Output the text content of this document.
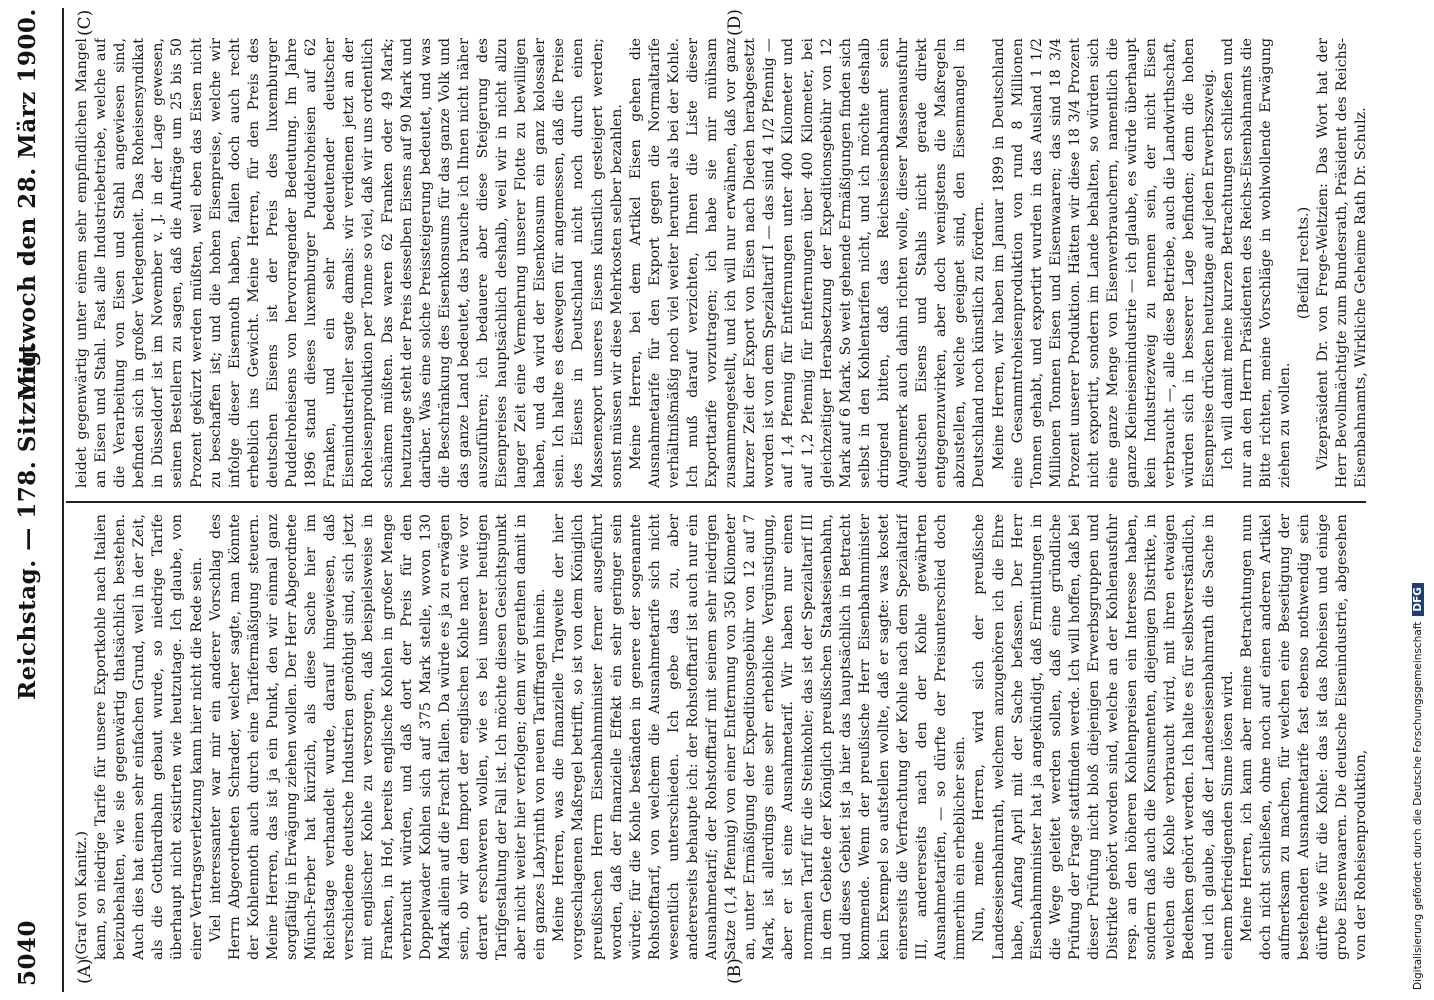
5040
Reichstag. — 178. Sitzung.
Mittwoch den 28. März 1900.
(A)	(B)
(C)	(D)

(Graf von Kanitz.) kann, so niedrige Tarife für unsere Exportkohle nach Italien beizubehalten, wie sie gegenwärtig thatsächlich bestehen. Auch dies hat einen sehr einfachen Grund, weil in der Zeit, als die Gotthardbahn gebaut wurde, so niedrige Tarife überhaupt nicht existirten wie heutzutage. Ich glaube, von einer Vertragsverletzung kann hier nicht die Rede sein. Viel interessanter war mir ein anderer Vorschlag des Herrn Abgeordneten Schrader, welcher sagte, man könnte der Kohlennoth auch durch eine Tarifermäßigung steuern. Meine Herren, das ist ja ein Punkt, den wir einmal ganz sorgfältig in Erwägung ziehen wollen. Der Herr Abgeordnete Münch-Ferber hat kürzlich, als diese Sache hier im Reichstage verhandelt wurde, darauf hingewiesen, daß verschiedene deutsche Industrien genöthigt sind, sich jetzt mit englischer Kohle zu versorgen, daß beispielsweise in Franken, in Hof, bereits englische Kohlen in großer Menge verbraucht würden, und daß dort der Preis für den Doppelwader Kohlen sich auf 375 Mark stelle, wovon 130 Mark allein auf die Fracht fallen. Da würde es ja zu erwägen sein, ob wir den Import der englischen Kohle nach wie vor derart erschweren wollen, wie es bei unserer heutigen Tarifgestaltung der Fall ist. Ich möchte diesen Gesichtspunkt aber nicht weiter hier verfolgen; denn wir gerathen damit in ein ganzes Labyrinth von neuen Tariffragen hinein. Meine Herren, was die finanzielle Tragweite der hier vorgeschlagenen Maßregel betrifft, so ist von dem Königlich preußischen Herrn Eisenbahnminister ferner ausgeführt worden, daß der finanzielle Effekt ein sehr geringer sein würde; für die Kohle beständen in genere der sogenannte Rohstofftarif, von welchem die Ausnahmetarife sich nicht wesentlich unterschieden. Ich gebe das zu, aber andererseits behaupte ich: der Rohstofftarif ist auch nur ein Ausnahmetarif; der Rohstofftarif mit seinem sehr niedrigen Satze (1,4 Pfennig) von einer Entfernung von 350 Kilometer an, unter Ermäßigung der Expeditionsgebühr von 12 auf 7 Mark, ist allerdings eine sehr erhebliche Vergünstigung, aber er ist eine Ausnahmetarif. Wir haben nur einen normalen Tarif für die Steinkohle; das ist der Spezialtarif III in dem Gebiete der Königlich preußischen Staatseisenbahn, und dieses Gebiet ist ja hier das hauptsächlich in Betracht kommende. Wenn der preußische Herr Eisenbahnminister kein Exempel so aufstellen wollte, daß er sagte: was kostet einerseits die Verfrachtung der Kohle nach dem Spezialtarif III, andererseits nach den der Kohle gewährten Ausnahmetarifen, — so dürfte der Preisunterschied doch immerhin ein erheblicher sein. Nun, meine Herren, wird sich der preußische Landeseisenbahnrath, welchem anzugehören ich die Ehre habe, Anfang April mit der Sache befassen. Der Herr Eisenbahnminister hat ja angekündigt, daß Ermittlungen in die Wege geleitet werden sollen, daß eine gründliche Prüfung der Frage stattfinden werde. Ich will hoffen, daß bei dieser Prüfung nicht bloß diejenigen Erwerbsgruppen und Distrikte gehört worden sind, welche an der Kohlenausfuhr resp. an den höheren Kohlenpreisen ein Interesse haben, sondern daß auch die Konsumenten, diejenigen Distrikte, in welchen die Kohle verbraucht wird, mit ihren etwaigen Bedenken gehört werden. Ich halte es für selbstverständlich, und ich glaube, daß der Landeseisenbahnrath die Sache in einem befriedigenden Sinne lösen wird. Meine Herren, ich kann aber meine Betrachtungen nun doch nicht schließen, ohne noch auf einen anderen Artikel aufmerksam zu machen, für welchen eine Beseitigung der bestehenden Ausnahmetarife fast ebenso nothwendig sein dürfte wie für die Kohle: das ist das Roheisen und einige grobe Eisenwaaren. Die deutsche Eisenindustrie, abgesehen von der Roheisenproduktion,

leidet gegenwärtig unter einem sehr empfindlichen Mangel an Eisen und Stahl. Fast alle Industriebetriebe, welche auf die Verarbeitung von Eisen und Stahl angewiesen sind, befinden sich in großer Verlegenheit. Das Roheisensyndikat in Düsseldorf ist im November v. J. in der Lage gewesen, seinen Bestellern zu sagen, daß die Aufträge um 25 bis 50 Prozent gekürzt werden müßten, weil eben das Eisen nicht zu beschaffen ist; und die hohen Eisenpreise, welche wir infolge dieser Eisennoth haben, fallen doch auch recht erheblich ins Gewicht. Meine Herren, für den Preis des deutschen Eisens ist der Preis des luxemburger Puddelroheisens von hervorragender Bedeutung. Im Jahre 1896 stand dieses luxemburger Puddelroheisen auf 62 Franken, und ein sehr bedeutender deutscher Eisenindustrieller sagte damals: wir verdienen jetzt an der Roheisenproduktion per Tonne so viel, daß wir uns ordentlich schämen müßten. Das waren 62 Franken oder 49 Mark; heutzutage steht der Preis desselben Eisens auf 90 Mark und darüber. Was eine solche Preissteigerung bedeutet, und was die Beschränkung des Eisenkonsums für das ganze Volk und das ganze Land bedeutet, das brauche ich Ihnen nicht näher auszuführen; ich bedauere aber diese Steigerung des Eisenpreises hauptsächlich deshalb, weil wir in nicht allzu langer Zeit eine Vermehrung unserer Flotte zu bewilligen haben, und da wird der Eisenkonsum ein ganz kolossaler sein. Ich halte es deswegen für angemessen, daß die Preise des Eisens in Deutschland nicht noch durch einen Massenexport unseres Eisens künstlich gesteigert werden; sonst müssen wir diese Mehrkosten selber bezahlen. Meine Herren, bei dem Artikel Eisen gehen die Ausnahmetarife für den Export gegen die Normaltarife verhältnißmäßig noch viel weiter herunter als bei der Kohle. Ich muß darauf verzichten, Ihnen die Liste dieser Exporttarife vorzutragen; ich habe sie mir mühsam zusammengestellt, und ich will nur erwähnen, daß vor ganz kurzer Zeit der Export von Eisen nach Dieden herabgesetzt worden ist von dem Spezialtarif I — das sind 4 1/2 Pfennig — auf 1,4 Pfennig für Entfernungen unter 400 Kilometer und auf 1,2 Pfennig für Entfernungen über 400 Kilometer, bei gleichzeitiger Herabsetzung der Expeditionsgebühr von 12 Mark auf 6 Mark. So weit gehende Ermäßigungen finden sich selbst in den Kohlentarifen nicht, und ich möchte deshalb dringend bitten, daß das Reichseisenbahnamt sein Augenmerk auch dahin richten wolle, dieser Massenausfuhr deutschen Eisens und Stahls nicht gerade direkt entgegenzuwirken, aber doch wenigstens die Maßregeln abzustellen, welche geeignet sind, den Eisenmangel in Deutschland noch künstlich zu fördern. Meine Herren, wir haben im Januar 1899 in Deutschland eine Gesammtroheisenproduktion von rund 8 Millionen Tonnen gehabt, und exportirt wurden in das Ausland 1 1/2 Millionen Tonnen Eisen und Eisenwaaren; das sind 18 3/4 Prozent unserer Produktion. Hätten wir diese 18 3/4 Prozent nicht exportirt, sondern im Lande behalten, so würden sich eine ganze Menge von Eisenverbrauchern, namentlich die ganze Kleineisenindustrie — ich glaube, es würde überhaupt kein Industriezweig zu nennen sein, der nicht Eisen verbraucht —, alle diese Betriebe, auch die Landwirthschaft, würden sich in besserer Lage befinden; denn die hohen Eisenpreise drücken heutzutage auf jeden Erwerbszweig. Ich will damit meine kurzen Betrachtungen schließen und nur an den Herrn Präsidenten des Reichs-Eisenbahnamts die Bitte richten, meine Vorschläge in wohlwollende Erwägung ziehen zu wollen.

(Beifall rechts.) Vizepräsident Dr. von Frege-Weltzien: Das Wort hat der Herr Bevollmächtigte zum Bundesrath, Präsident des Reichs-Eisenbahnamts, Wirkliche Geheime Rath Dr. Schulz.

Digitalisierung gefördert durch die Deutsche ForschungsgemeinschaftDFG
